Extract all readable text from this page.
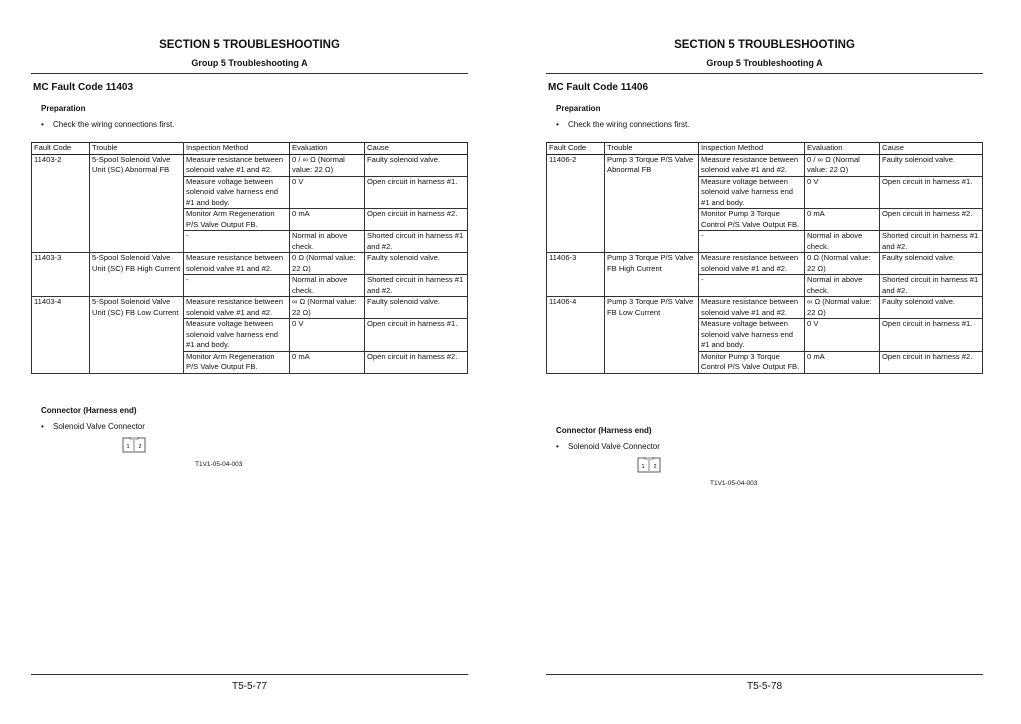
SECTION 5 TROUBLESHOOTING
Group 5 Troubleshooting A
MC Fault Code 11403
Preparation
• Check the wiring connections first.
Fault Code	Trouble	Inspection Method	Evaluation	Cause
11403-2	5-Spool Solenoid Valve Unit (SC) Abnormal FB	Measure resistance between solenoid valve #1 and #2.	0 / ∞ Ω (Normal value: 22 Ω)	Faulty solenoid valve.
		Measure voltage between solenoid valve harness end #1 and body.	0 V	Open circuit in harness #1.
		Monitor Arm Regeneration P/S Valve Output FB.	0 mA	Open circuit in harness #2.
		-	Normal in above check.	Shorted circuit in harness #1 and #2.
11403-3	5-Spool Solenoid Valve Unit (SC) FB High Current	Measure resistance between solenoid valve #1 and #2.	0 Ω (Normal value: 22 Ω)	Faulty solenoid valve.
		-	Normal in above check.	Shorted circuit in harness #1 and #2.
11403-4	5-Spool Solenoid Valve Unit (SC) FB Low Current	Measure resistance between solenoid valve #1 and #2.	∞ Ω (Normal value: 22 Ω)	Faulty solenoid valve.
		Measure voltage between solenoid valve harness end #1 and body.	0 V	Open circuit in harness #1.
		Monitor Arm Regeneration P/S Valve Output FB.	0 mA	Open circuit in harness #2.
Connector (Harness end)
• Solenoid Valve Connector
1 2
T1V1-05-04-003
T5-5-77
SECTION 5 TROUBLESHOOTING
Group 5 Troubleshooting A
MC Fault Code 11406
Preparation
• Check the wiring connections first.
Fault Code	Trouble	Inspection Method	Evaluation	Cause
11406-2	Pump 3 Torque P/S Valve Abnormal FB	Measure resistance between solenoid valve #1 and #2.	0 / ∞ Ω (Normal value: 22 Ω)	Faulty solenoid valve.
		Measure voltage between solenoid valve harness end #1 and body.	0 V	Open circuit in harness #1.
		Monitor Pump 3 Torque Control P/S Valve Output FB.	0 mA	Open circuit in harness #2.
		-	Normal in above check.	Shorted circuit in harness #1 and #2.
11406-3	Pump 3 Torque P/S Valve FB High Current	Measure resistance between solenoid valve #1 and #2.	0 Ω (Normal value: 22 Ω)	Faulty solenoid valve.
		-	Normal in above check.	Shorted circuit in harness #1 and #2.
11406-4	Pump 3 Torque P/S Valve FB Low Current	Measure resistance between solenoid valve #1 and #2.	∞ Ω (Normal value: 22 Ω)	Faulty solenoid valve.
		Measure voltage between solenoid valve harness end #1 and body.	0 V	Open circuit in harness #1.
		Monitor Pump 3 Torque Control P/S Valve Output FB.	0 mA	Open circuit in harness #2.
Connector (Harness end)
• Solenoid Valve Connector
1 2
T1V1-05-04-003
T5-5-78
